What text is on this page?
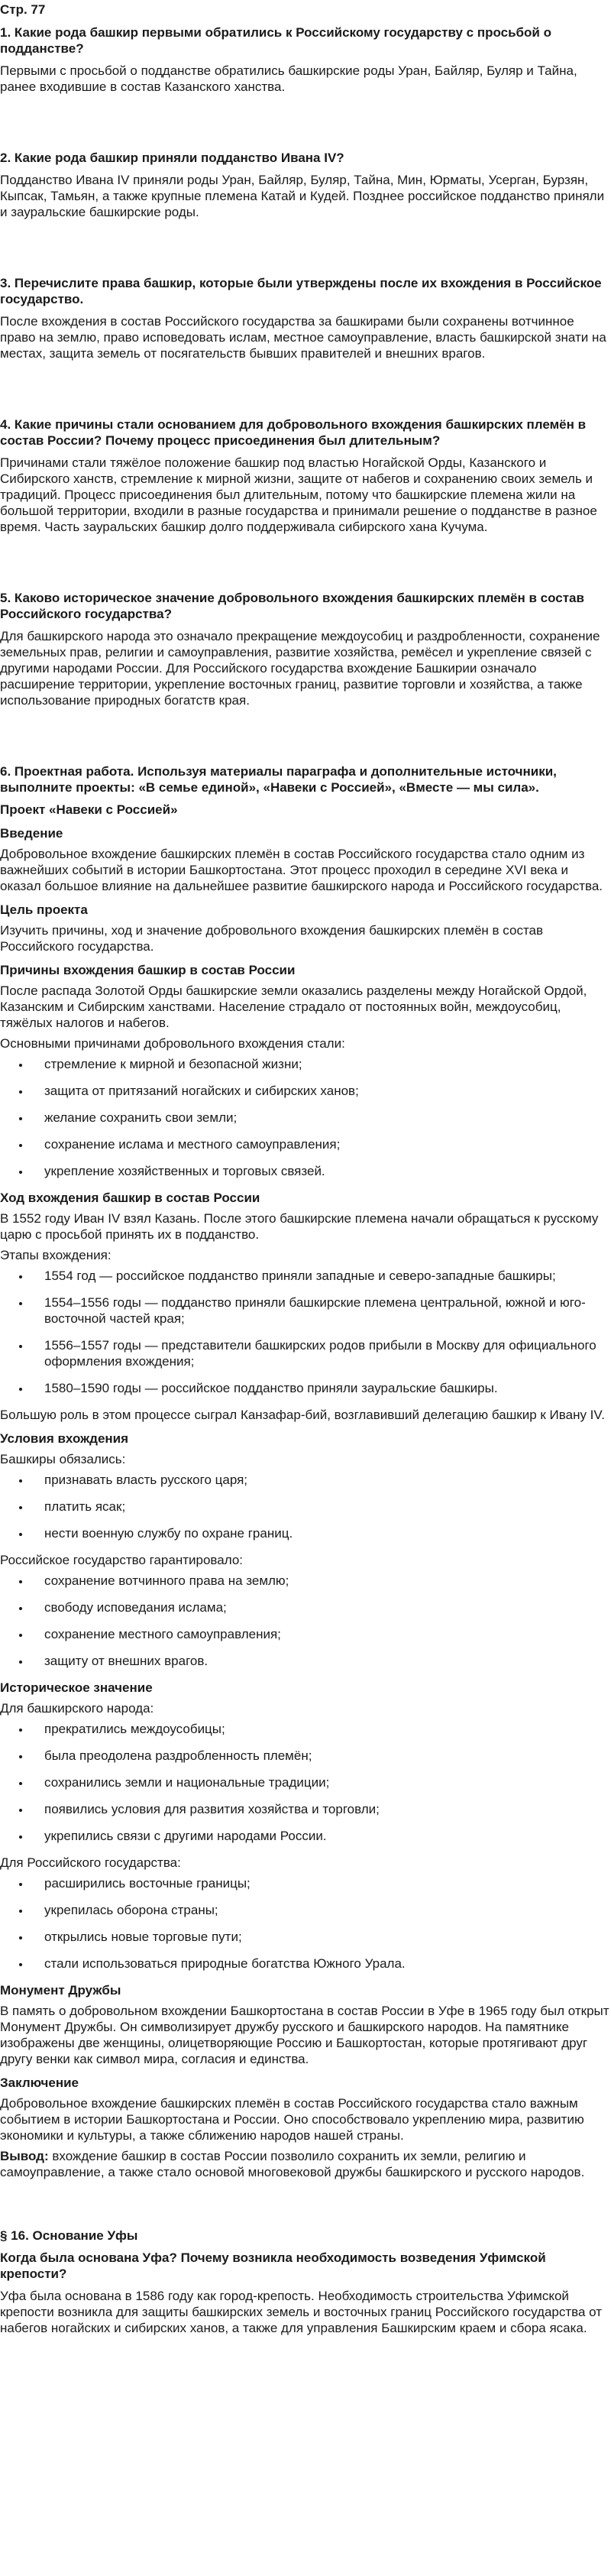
Стр. 77
1. Какие рода башкир первыми обратились к Российскому государству с просьбой о подданстве?
Первыми с просьбой о подданстве обратились башкирские роды Уран, Байляр, Буляр и Тайна, ранее входившие в состав Казанского ханства.
2. Какие рода башкир приняли подданство Ивана IV?
Подданство Ивана IV приняли роды Уран, Байляр, Буляр, Тайна, Мин, Юрматы, Усерган, Бурзян, Кыпсак, Тамьян, а также крупные племена Катай и Кудей. Позднее российское подданство приняли и зауральские башкирские роды.
3. Перечислите права башкир, которые были утверждены после их вхождения в Российское государство.
После вхождения в состав Российского государства за башкирами были сохранены вотчинное право на землю, право исповедовать ислам, местное самоуправление, власть башкирской знати на местах, защита земель от посягательств бывших правителей и внешних врагов.
4. Какие причины стали основанием для добровольного вхождения башкирских племён в состав России? Почему процесс присоединения был длительным?
Причинами стали тяжёлое положение башкир под властью Ногайской Орды, Казанского и Сибирского ханств, стремление к мирной жизни, защите от набегов и сохранению своих земель и традиций. Процесс присоединения был длительным, потому что башкирские племена жили на большой территории, входили в разные государства и принимали решение о подданстве в разное время. Часть зауральских башкир долго поддерживала сибирского хана Кучума.
5. Каково историческое значение добровольного вхождения башкирских племён в состав Российского государства?
Для башкирского народа это означало прекращение междоусобиц и раздробленности, сохранение земельных прав, религии и самоуправления, развитие хозяйства, ремёсел и укрепление связей с другими народами России. Для Российского государства вхождение Башкирии означало расширение территории, укрепление восточных границ, развитие торговли и хозяйства, а также использование природных богатств края.
6. Проектная работа. Используя материалы параграфа и дополнительные источники, выполните проекты: «В семье единой», «Навеки с Россией», «Вместе — мы сила».
Проект «Навеки с Россией»
Введение
Добровольное вхождение башкирских племён в состав Российского государства стало одним из важнейших событий в истории Башкортостана. Этот процесс проходил в середине XVI века и оказал большое влияние на дальнейшее развитие башкирского народа и Российского государства.
Цель проекта
Изучить причины, ход и значение добровольного вхождения башкирских племён в состав Российского государства.
Причины вхождения башкир в состав России
После распада Золотой Орды башкирские земли оказались разделены между Ногайской Ордой, Казанским и Сибирским ханствами. Население страдало от постоянных войн, междоусобиц, тяжёлых налогов и набегов.
Основными причинами добровольного вхождения стали:
• стремление к мирной и безопасной жизни;
• защита от притязаний ногайских и сибирских ханов;
• желание сохранить свои земли;
• сохранение ислама и местного самоуправления;
• укрепление хозяйственных и торговых связей.
Ход вхождения башкир в состав России
В 1552 году Иван IV взял Казань. После этого башкирские племена начали обращаться к русскому царю с просьбой принять их в подданство.
Этапы вхождения:
• 1554 год — российское подданство приняли западные и северо-западные башкиры;
• 1554–1556 годы — подданство приняли башкирские племена центральной, южной и юго-восточной частей края;
• 1556–1557 годы — представители башкирских родов прибыли в Москву для официального оформления вхождения;
• 1580–1590 годы — российское подданство приняли зауральские башкиры.
Большую роль в этом процессе сыграл Канзафар-бий, возглавивший делегацию башкир к Ивану IV.
Условия вхождения
Башкиры обязались:
• признавать власть русского царя;
• платить ясак;
• нести военную службу по охране границ.
Российское государство гарантировало:
• сохранение вотчинного права на землю;
• свободу исповедания ислама;
• сохранение местного самоуправления;
• защиту от внешних врагов.
Историческое значение
Для башкирского народа:
• прекратились междоусобицы;
• была преодолена раздробленность племён;
• сохранились земли и национальные традиции;
• появились условия для развития хозяйства и торговли;
• укрепились связи с другими народами России.
Для Российского государства:
• расширились восточные границы;
• укрепилась оборона страны;
• открылись новые торговые пути;
• стали использоваться природные богатства Южного Урала.
Монумент Дружбы
В память о добровольном вхождении Башкортостана в состав России в Уфе в 1965 году был открыт Монумент Дружбы. Он символизирует дружбу русского и башкирского народов. На памятнике изображены две женщины, олицетворяющие Россию и Башкортостан, которые протягивают друг другу венки как символ мира, согласия и единства.
Заключение
Добровольное вхождение башкирских племён в состав Российского государства стало важным событием в истории Башкортостана и России. Оно способствовало укреплению мира, развитию экономики и культуры, а также сближению народов нашей страны.
Вывод: вхождение башкир в состав России позволило сохранить их земли, религию и самоуправление, а также стало основой многовековой дружбы башкирского и русского народов.
§ 16. Основание Уфы
Когда была основана Уфа? Почему возникла необходимость возведения Уфимской крепости?
Уфа была основана в 1586 году как город-крепость. Необходимость строительства Уфимской крепости возникла для защиты башкирских земель и восточных границ Российского государства от набегов ногайских и сибирских ханов, а также для управления Башкирским краем и сбора ясака.
